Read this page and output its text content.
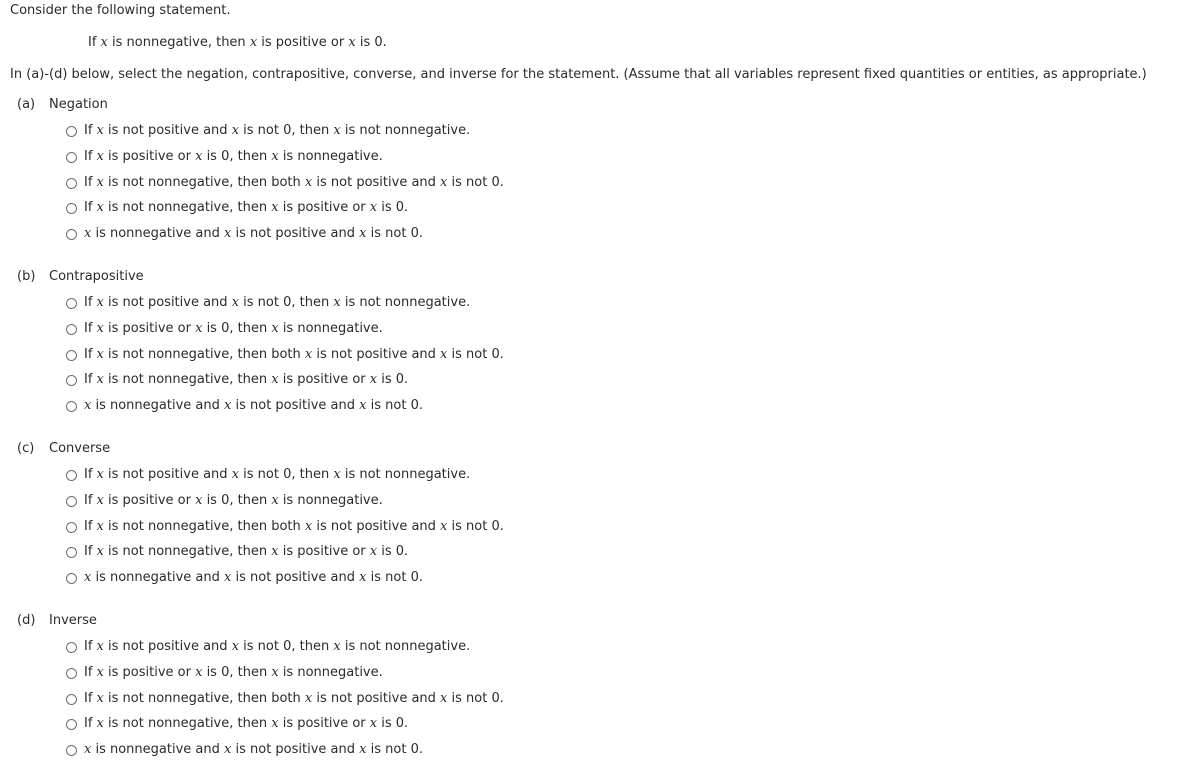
Consider the following statement.
If x is nonnegative, then x is positive or x is 0.
In (a)-(d) below, select the negation, contrapositive, converse, and inverse for the statement. (Assume that all variables represent fixed quantities or entities, as appropriate.)
(a) Negation
If x is not positive and x is not 0, then x is not nonnegative.
If x is positive or x is 0, then x is nonnegative.
If x is not nonnegative, then both x is not positive and x is not 0.
If x is not nonnegative, then x is positive or x is 0.
x is nonnegative and x is not positive and x is not 0.
(b) Contrapositive
If x is not positive and x is not 0, then x is not nonnegative.
If x is positive or x is 0, then x is nonnegative.
If x is not nonnegative, then both x is not positive and x is not 0.
If x is not nonnegative, then x is positive or x is 0.
x is nonnegative and x is not positive and x is not 0.
(c) Converse
If x is not positive and x is not 0, then x is not nonnegative.
If x is positive or x is 0, then x is nonnegative.
If x is not nonnegative, then both x is not positive and x is not 0.
If x is not nonnegative, then x is positive or x is 0.
x is nonnegative and x is not positive and x is not 0.
(d) Inverse
If x is not positive and x is not 0, then x is not nonnegative.
If x is positive or x is 0, then x is nonnegative.
If x is not nonnegative, then both x is not positive and x is not 0.
If x is not nonnegative, then x is positive or x is 0.
x is nonnegative and x is not positive and x is not 0.
